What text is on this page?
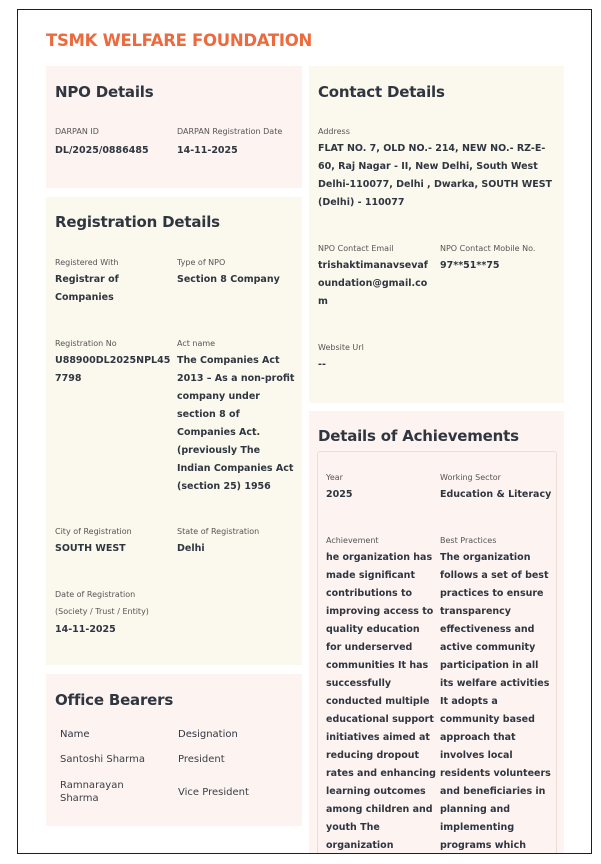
TSMK WELFARE FOUNDATION
NPO Details
DARPAN ID
DL/2025/0886485
DARPAN Registration Date
14-11-2025
Registration Details
Registered With
Registrar of Companies
Type of NPO
Section 8 Company
Registration No
U88900DL2025NPL457798
Act name
The Companies Act 2013 – As a non-profit company under section 8 of Companies Act. (previously The Indian Companies Act (section 25) 1956
City of Registration
SOUTH WEST
State of Registration
Delhi
Date of Registration
(Society / Trust / Entity)
14-11-2025
Office Bearers
Name	Designation
Santoshi Sharma	President
Ramnarayan Sharma
Vice President
Contact Details
Address
FLAT NO. 7, OLD NO.- 214, NEW NO.- RZ-E-60, Raj Nagar - II, New Delhi, South West Delhi-110077, Delhi , Dwarka, SOUTH WEST (Delhi) - 110077
NPO Contact Email
trishaktimanavsevafoundation@gmail.com
NPO Contact Mobile No.
97**51**75
Website Url
--
Details of Achievements
Year
2025
Working Sector
Education & Literacy
Achievement
he organization has made significant contributions to improving access to quality education for underserved communities It has successfully conducted multiple educational support initiatives aimed at reducing dropout rates and enhancing learning outcomes among children and youth The organization
Best Practices
The organization follows a set of best practices to ensure transparency effectiveness and active community participation in all its welfare activities It adopts a community based approach that involves local residents volunteers and beneficiaries in planning and implementing programs which
